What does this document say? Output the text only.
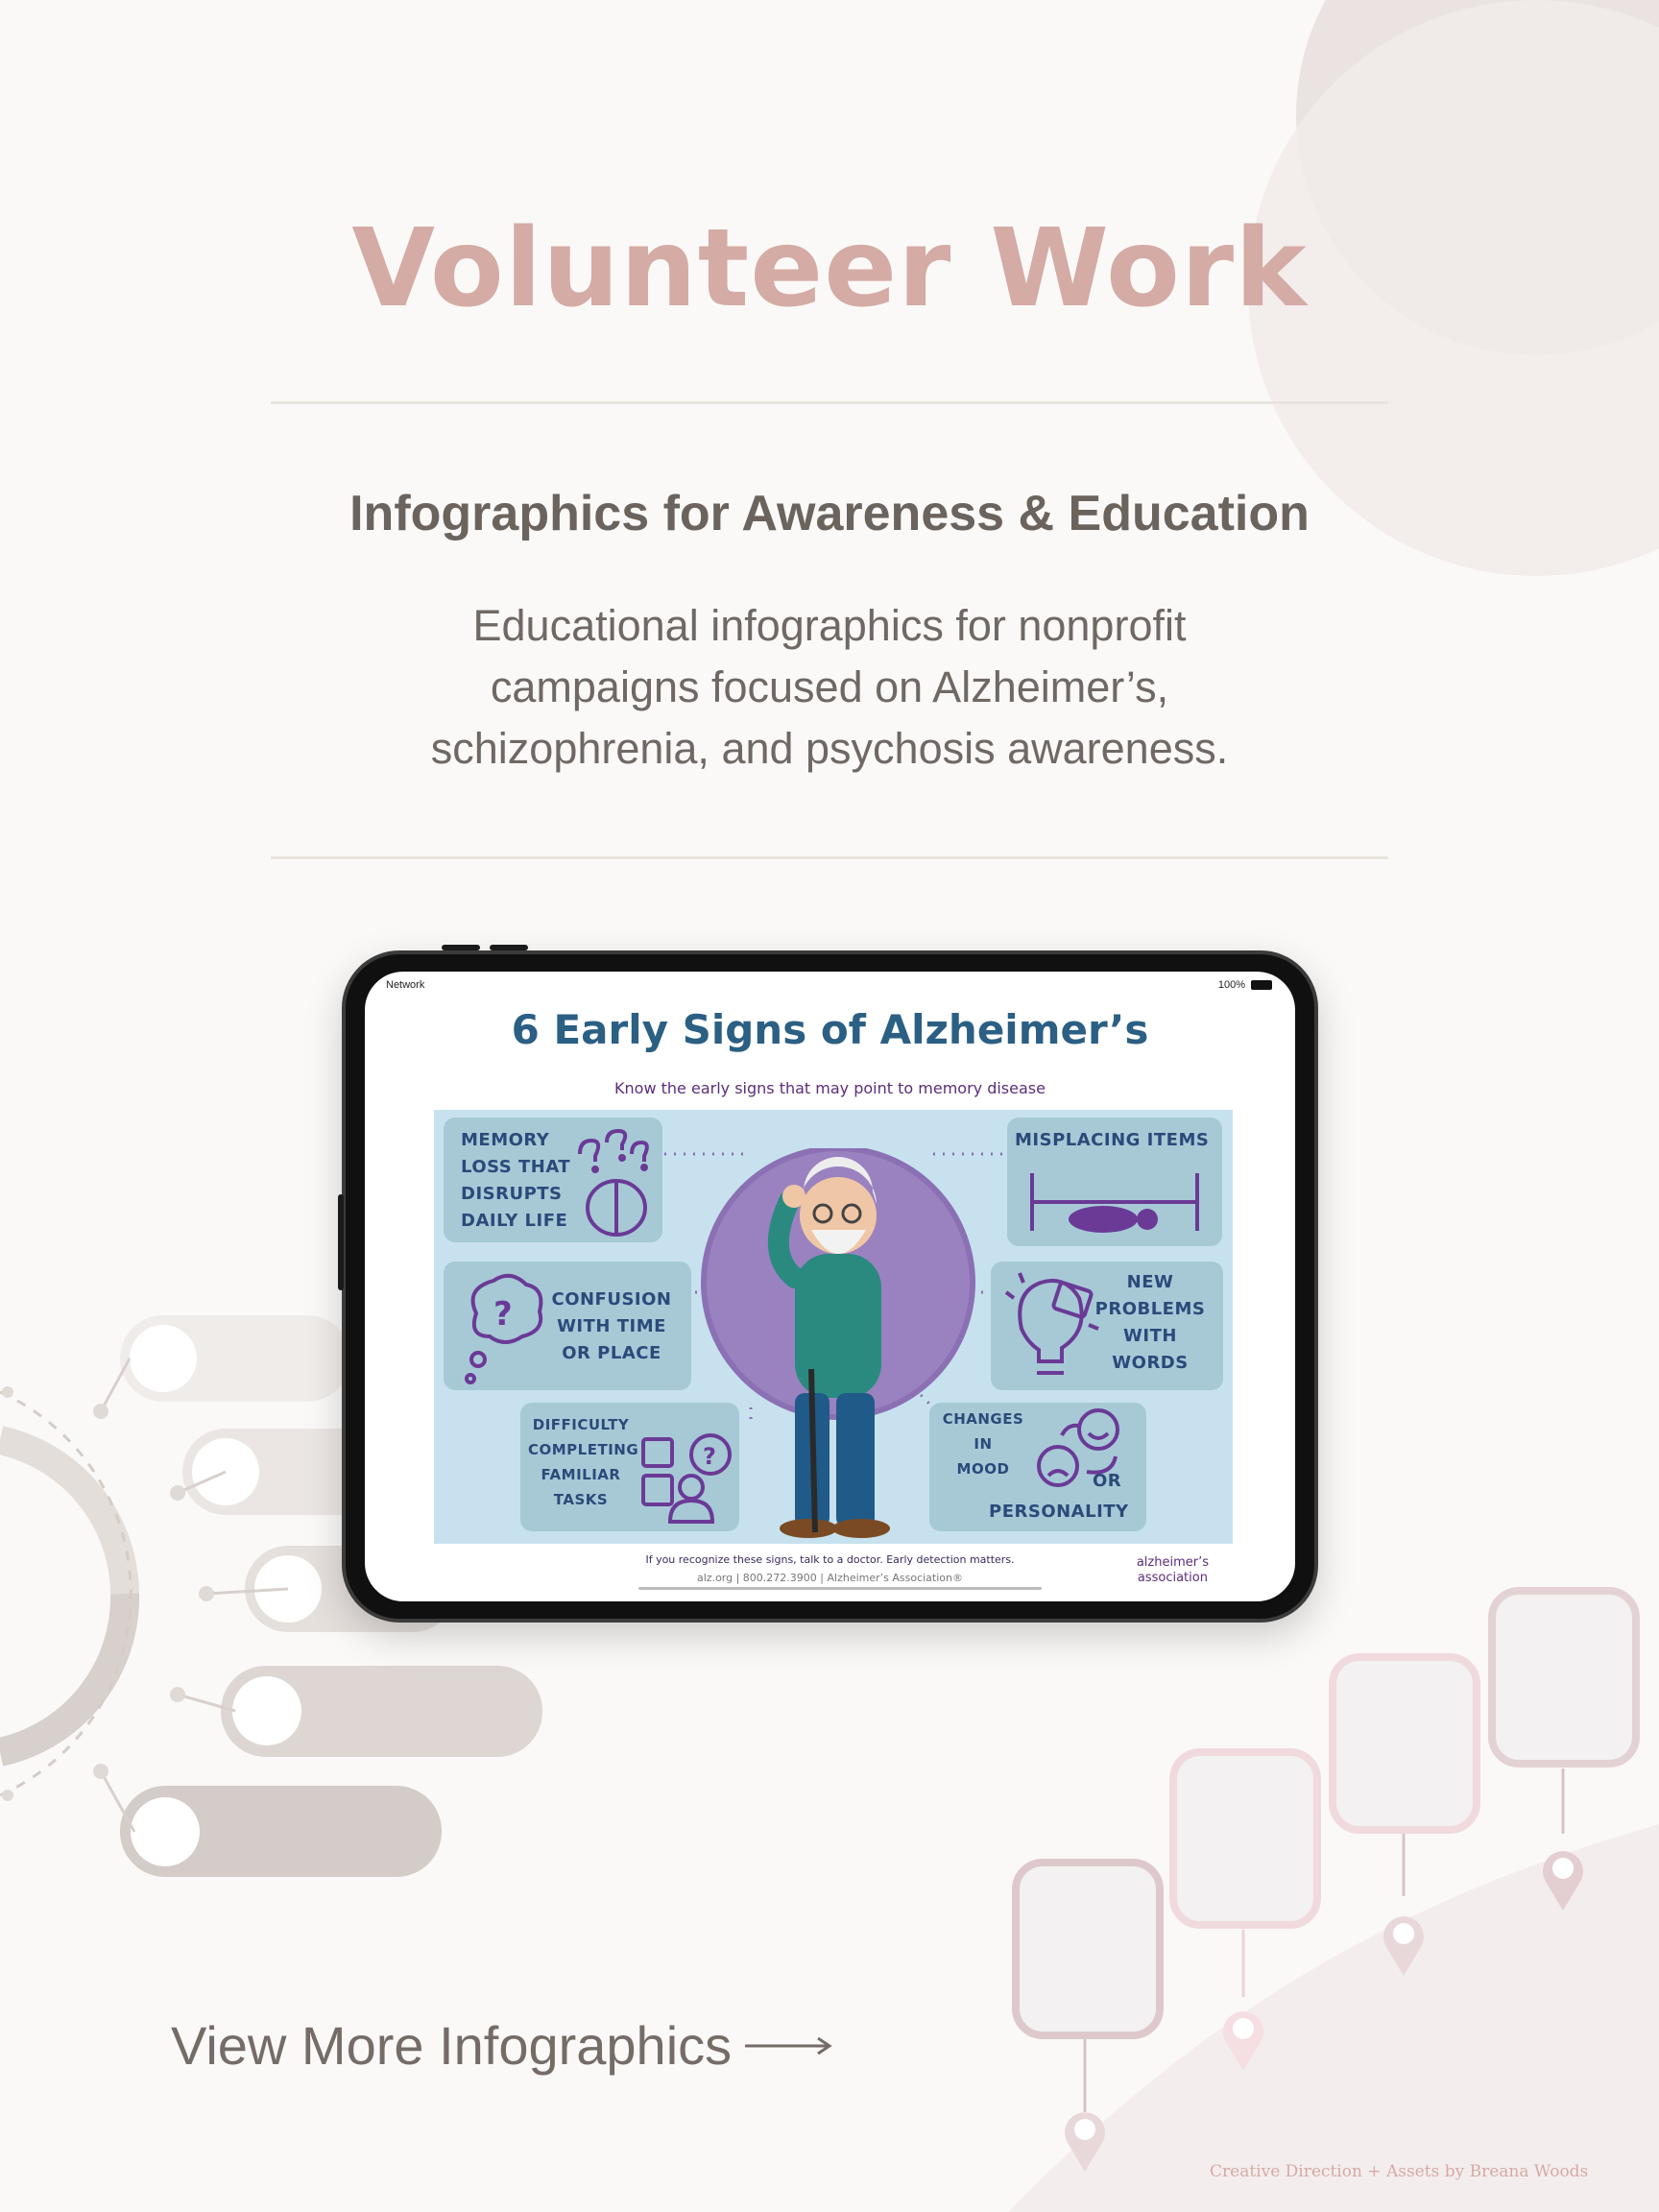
Volunteer Work
Infographics for Awareness & Education

Educational infographics for nonprofit campaigns focused on Alzheimer’s, schizophrenia, and psychosis awareness.

Network	100%
6 Early Signs of Alzheimer’s
Know the early signs that may point to memory disease
MEMORY
LOSS THAT
DISRUPTS
DAILY LIFE
MISPLACING ITEMS
?	CONFUSION
WITH TIME
OR PLACE
NEW
PROBLEMS
WITH
WORDS
DIFFICULTY
COMPLETING
FAMILIAR
TASKS
?
CHANGES
IN
MOOD
OR
PERSONALITY
If you recognize these signs, talk to a doctor. Early detection matters.
alz.org | 800.272.3900 | Alzheimer’s Association®
alzheimer’s
association
View More Infographics
Creative Direction + Assets by Breana Woods
